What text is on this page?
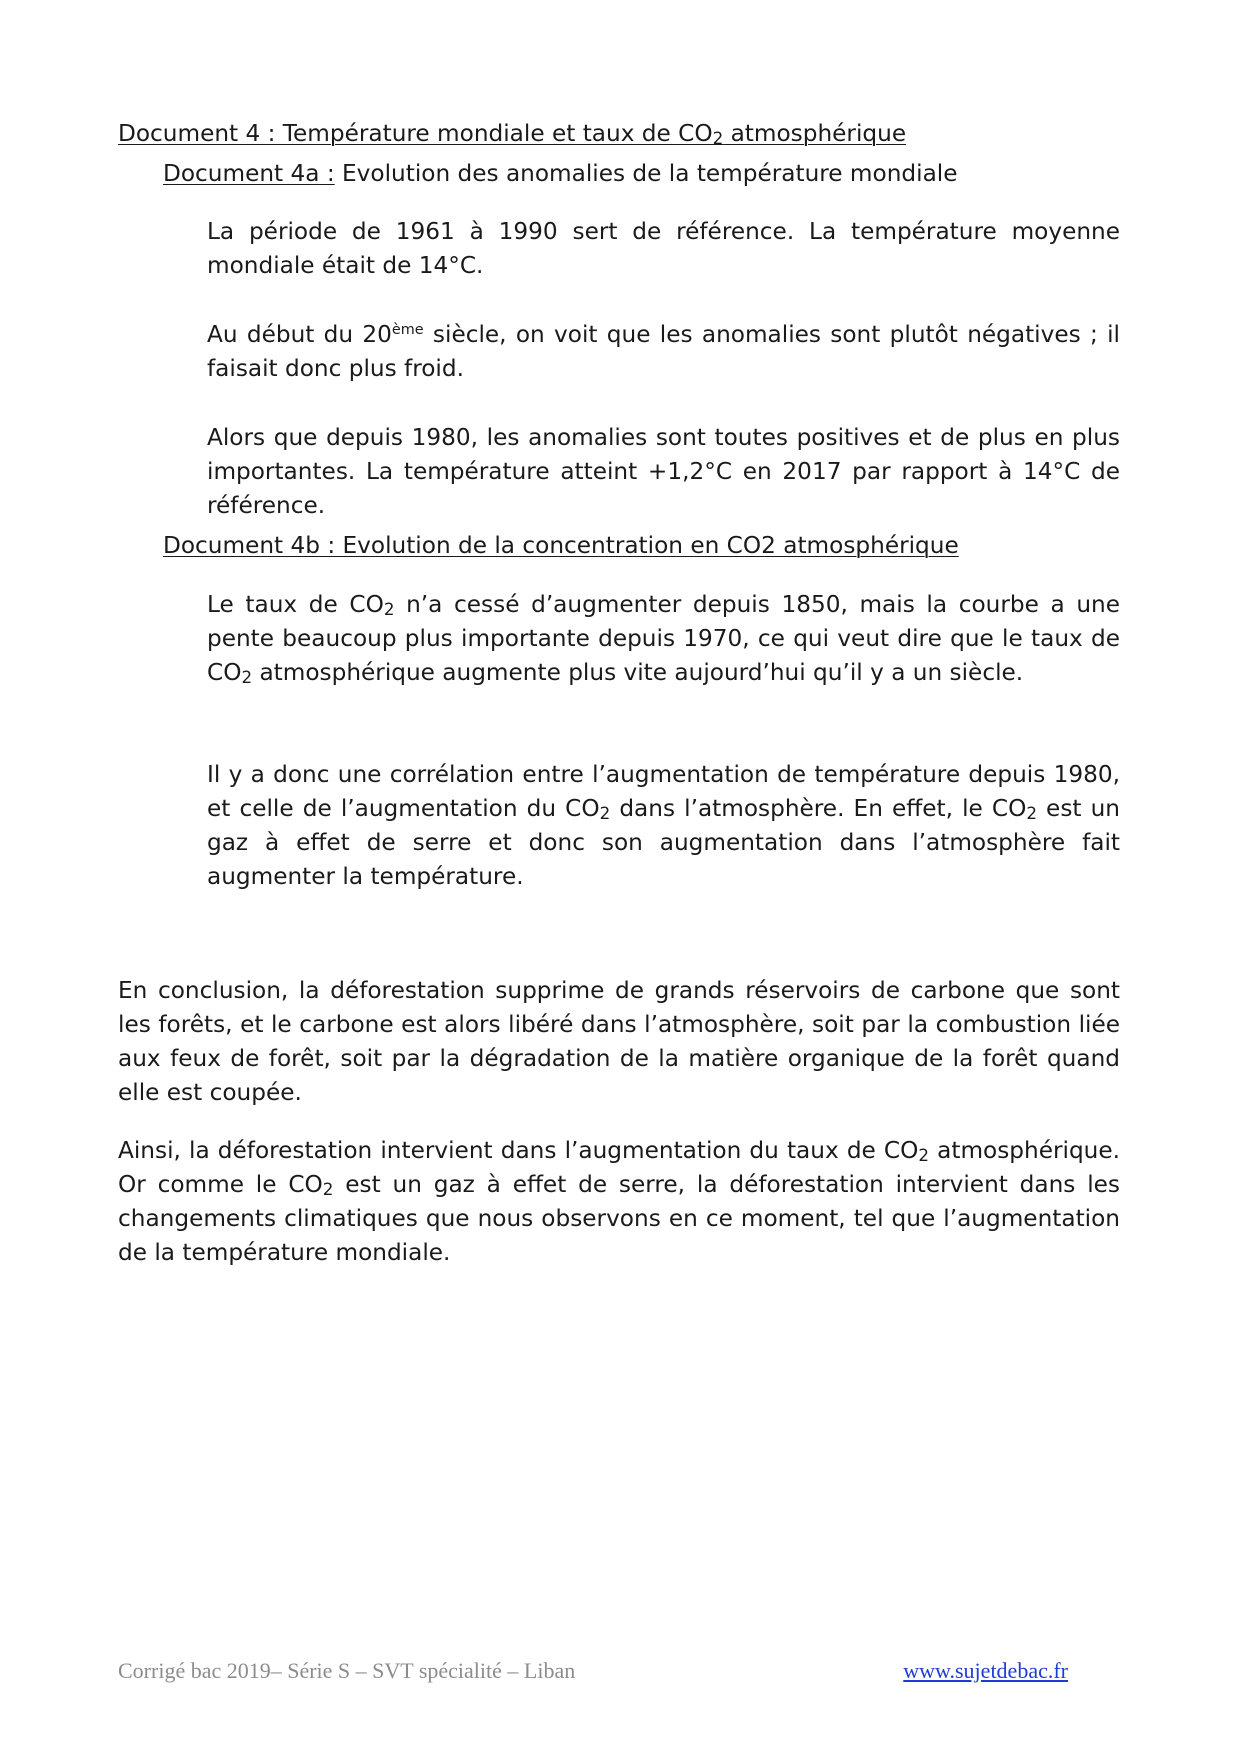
Document 4 : Température mondiale et taux de $CO_2$ atmosphérique
Document 4a : Evolution des anomalies de la température mondiale

La période de 1961 à 1990 sert de référence. La température moyenne mondiale était de 14°C.

Au début du 20ème siècle, on voit que les anomalies sont plutôt négatives ; il faisait donc plus froid.

Alors que depuis 1980, les anomalies sont toutes positives et de plus en plus importantes. La température atteint +1,2°C en 2017 par rapport à 14°C de référence.

Document 4b : Evolution de la concentration en CO2 atmosphérique

Le taux de $CO_2$ n’a cessé d’augmenter depuis 1850, mais la courbe a une pente beaucoup plus importante depuis 1970, ce qui veut dire que le taux de $CO_2$ atmosphérique augmente plus vite aujourd’hui qu’il y a un siècle.

Il y a donc une corrélation entre l’augmentation de température depuis 1980, et celle de l’augmentation du $CO_2$ dans l’atmosphère. En effet, le $CO_2$ est un gaz à effet de serre et donc son augmentation dans l’atmosphère fait augmenter la température.

En conclusion, la déforestation supprime de grands réservoirs de carbone que sont les forêts, et le carbone est alors libéré dans l’atmosphère, soit par la combustion liée aux feux de forêt, soit par la dégradation de la matière organique de la forêt quand elle est coupée.

Ainsi, la déforestation intervient dans l’augmentation du taux de $CO_2$ atmosphérique. Or comme le $CO_2$ est un gaz à effet de serre, la déforestation intervient dans les changements climatiques que nous observons en ce moment, tel que l’augmentation de la température mondiale.

Corrigé bac 2019– Série S – SVT spécialité – Liban	www.sujetdebac.fr
